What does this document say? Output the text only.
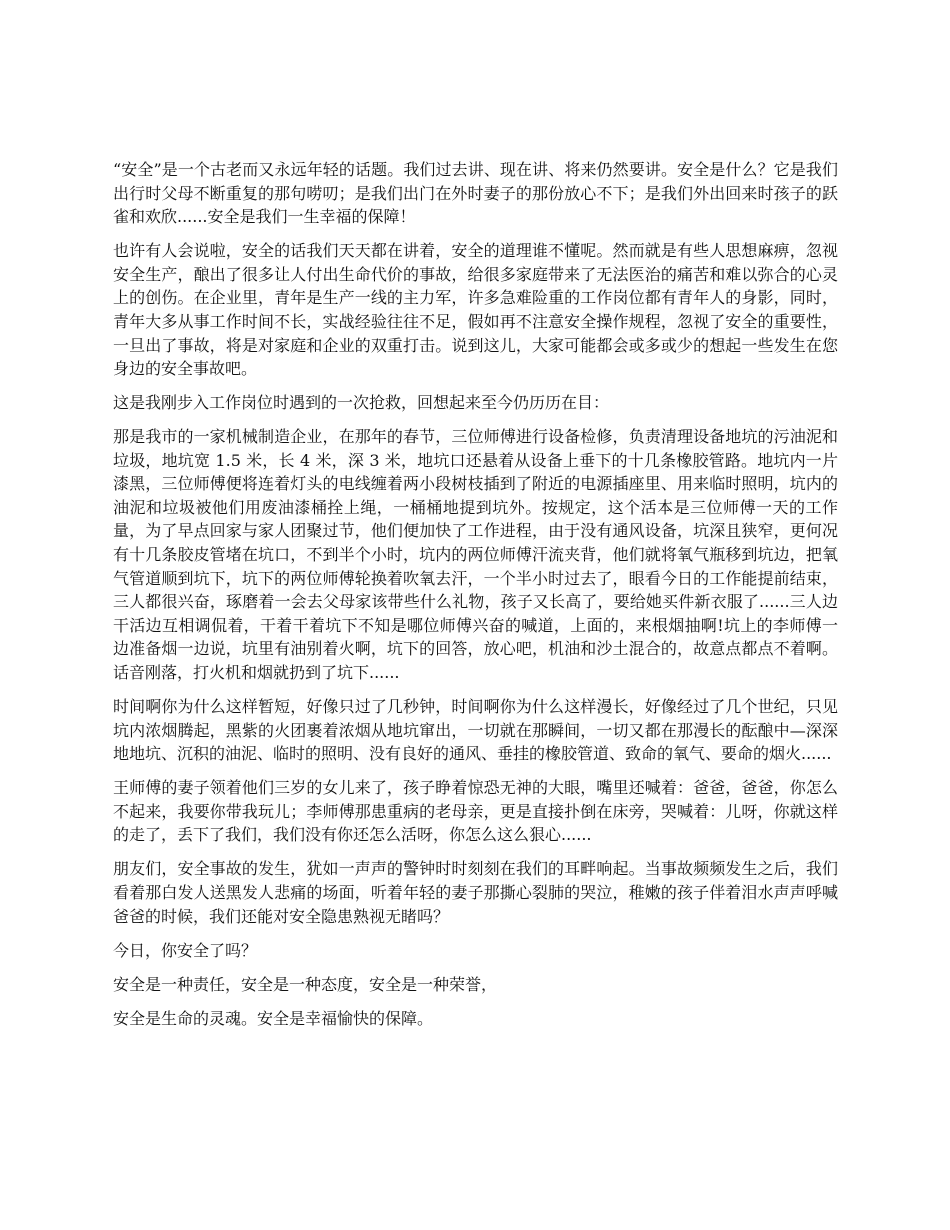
“安全”是一个古老而又永远年轻的话题。我们过去讲、现在讲、将来仍然要讲。安全是什么？它是我们出行时父母不断重复的那句唠叨；是我们出门在外时妻子的那份放心不下；是我们外出回来时孩子的跃雀和欢欣......安全是我们一生幸福的保障！

也许有人会说啦，安全的话我们天天都在讲着，安全的道理谁不懂呢。然而就是有些人思想麻痹，忽视安全生产，酿出了很多让人付出生命代价的事故，给很多家庭带来了无法医治的痛苦和难以弥合的心灵上的创伤。在企业里，青年是生产一线的主力军，许多急难险重的工作岗位都有青年人的身影，同时，青年大多从事工作时间不长，实战经验往往不足，假如再不注意安全操作规程，忽视了安全的重要性，一旦出了事故，将是对家庭和企业的双重打击。说到这儿，大家可能都会或多或少的想起一些发生在您身边的安全事故吧。

这是我刚步入工作岗位时遇到的一次抢救，回想起来至今仍历历在目：

那是我市的一家机械制造企业，在那年的春节，三位师傅进行设备检修，负责清理设备地坑的污油泥和垃圾，地坑宽 1.5 米，长 4 米，深 3 米，地坑口还悬着从设备上垂下的十几条橡胶管路。地坑内一片漆黑，三位师傅便将连着灯头的电线缠着两小段树枝插到了附近的电源插座里、用来临时照明，坑内的油泥和垃圾被他们用废油漆桶拴上绳，一桶桶地提到坑外。按规定，这个活本是三位师傅一天的工作量，为了早点回家与家人团聚过节，他们便加快了工作进程，由于没有通风设备，坑深且狭窄，更何况有十几条胶皮管堵在坑口，不到半个小时，坑内的两位师傅汗流夹背，他们就将氧气瓶移到坑边，把氧气管道顺到坑下，坑下的两位师傅轮换着吹氧去汗，一个半小时过去了，眼看今日的工作能提前结束，三人都很兴奋，琢磨着一会去父母家该带些什么礼物，孩子又长高了，要给她买件新衣服了......三人边干活边互相调侃着，干着干着坑下不知是哪位师傅兴奋的喊道，上面的，来根烟抽啊!坑上的李师傅一边准备烟一边说，坑里有油别着火啊，坑下的回答，放心吧，机油和沙土混合的，故意点都点不着啊。话音刚落，打火机和烟就扔到了坑下......

时间啊你为什么这样暂短，好像只过了几秒钟，时间啊你为什么这样漫长，好像经过了几个世纪，只见坑内浓烟腾起，黑紫的火团裹着浓烟从地坑窜出，一切就在那瞬间，一切又都在那漫长的酝酿中—深深地地坑、沉积的油泥、临时的照明、没有良好的通风、垂挂的橡胶管道、致命的氧气、要命的烟火......

王师傅的妻子领着他们三岁的女儿来了，孩子睁着惊恐无神的大眼，嘴里还喊着：爸爸，爸爸，你怎么不起来，我要你带我玩儿；李师傅那患重病的老母亲，更是直接扑倒在床旁，哭喊着：儿呀，你就这样的走了，丢下了我们，我们没有你还怎么活呀，你怎么这么狠心......

朋友们，安全事故的发生，犹如一声声的警钟时时刻刻在我们的耳畔响起。当事故频频发生之后，我们看着那白发人送黑发人悲痛的场面，听着年轻的妻子那撕心裂肺的哭泣，稚嫩的孩子伴着泪水声声呼喊爸爸的时候，我们还能对安全隐患熟视无睹吗？

今日，你安全了吗？

安全是一种责任，安全是一种态度，安全是一种荣誉，

安全是生命的灵魂。安全是幸福愉快的保障。
